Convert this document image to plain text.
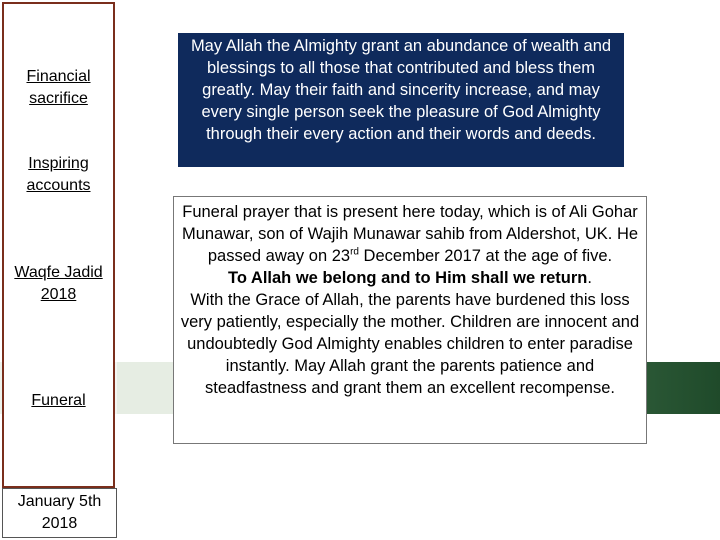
Financial sacrifice
Inspiring accounts
Waqfe Jadid 2018
Funeral
January 5th
2018
May Allah the Almighty grant an abundance of wealth and blessings to all those that contributed and bless them greatly. May their faith and sincerity increase, and may every single person seek the pleasure of God Almighty through their every action and their words and deeds.
Funeral prayer that is present here today, which is of Ali Gohar Munawar, son of Wajih Munawar sahib from Aldershot, UK. He passed away on 23rd December 2017 at the age of five.
To Allah we belong and to Him shall we return.
With the Grace of Allah, the parents have burdened this loss very patiently, especially the mother. Children are innocent and undoubtedly God Almighty enables children to enter paradise instantly. May Allah grant the parents patience and steadfastness and grant them an excellent recompense.
